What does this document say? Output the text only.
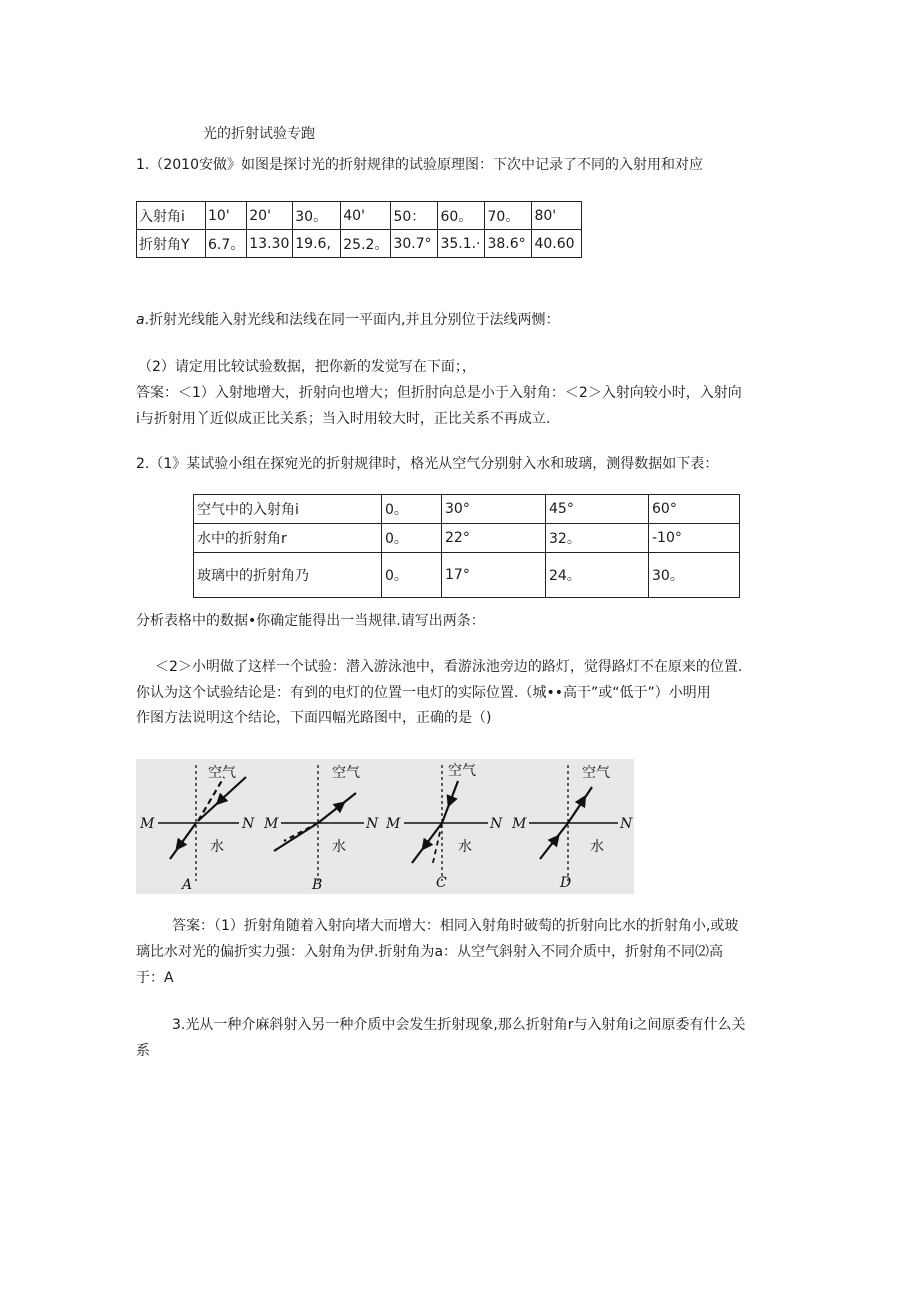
光的折射试验专跑
1.（2010安做》如图是探讨光的折射规律的试验原理图：下次中记录了不同的入射用和对应
入射角i	10'	20'	30。	40'	50：	60。	70。	80'
折射角Y	6.7。	13.30	19.6,	25.2。	30.7°	35.1.·	38.6°	40.60
a.折射光线能入射光线和法线在同一平面内,并且分别位于法线两恻：
（2）请定用比较试验数据，把你新的发觉写在下面；，
答案：＜1）入射地增大，折射向也增大；但折肘向总是小于入射角：＜2＞入射向较小时，入射向
i与折射用丫近似成正比关系；当入时用较大时，正比关系不再成立.
2.（1》某试验小组在探宛光的折射规律时，格光从空气分别射入水和玻璃，测得数据如下表：
空气中的入射角i	0。	30°	45°	60°
水中的折射角r	0。	22°	32。	-10°
玻璃中的折射角乃	0。	17°	24。	30。
分析表格中的数据•你确定能得出一当规律.请写出两条：
＜2＞小明做了这样一个试验：潜入游泳池中，看游泳池旁边的路灯，觉得路灯不在原来的位置.
你认为这个试验结论是：有到的电灯的位置一电灯的实际位置.（城••高干”或“低于”）小明用
作图方法说明这个结论，下面四幅光路图中，正确的是（)
空气
M	N
水
A
空气
M	N
水
B
空气
M	N
水
C
空气
M	N
水
D
答案：（1）折射角随着入射向堵大而增大：相同入射角时破萄的折射向比水的折射角小,或玻
璃比水对光的偏折实力强：入射角为伊.折射角为a：从空气斜射入不同介质中，折射角不同⑵高
于：A
3.光从一种介麻斜射入另一种介质中会发生折射现象,那么折射角r与入射角i之间原委有什么关
系
